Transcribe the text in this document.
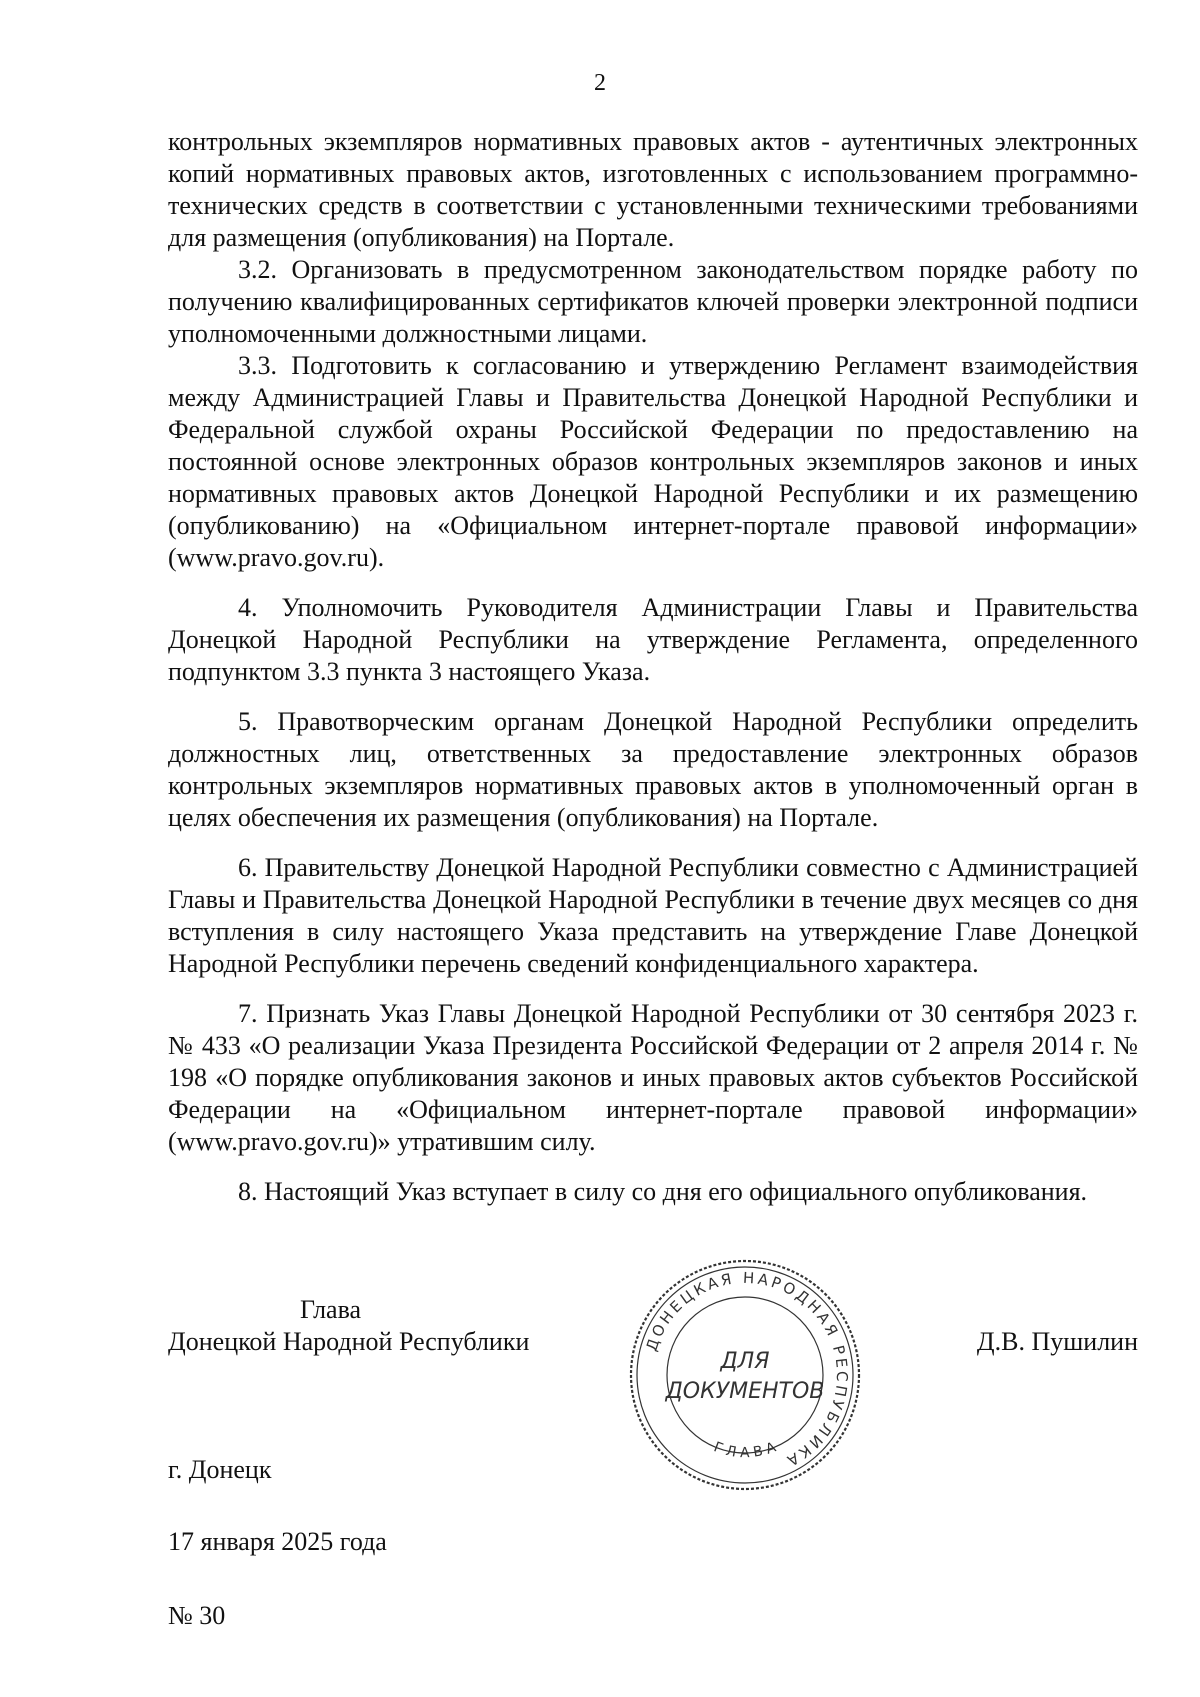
2

контрольных экземпляров нормативных правовых актов - аутентичных электронных копий нормативных правовых актов, изготовленных с использованием программно-технических средств в соответствии с установленными техническими требованиями для размещения (опубликования) на Портале.

3.2. Организовать в предусмотренном законодательством порядке работу по получению квалифицированных сертификатов ключей проверки электронной подписи уполномоченными должностными лицами.

3.3. Подготовить к согласованию и утверждению Регламент взаимодействия между Администрацией Главы и Правительства Донецкой Народной Республики и Федеральной службой охраны Российской Федерации по предоставлению на постоянной основе электронных образов контрольных экземпляров законов и иных нормативных правовых актов Донецкой Народной Республики и их размещению (опубликованию) на «Официальном интернет-портале правовой информации» (www.pravo.gov.ru).

4. Уполномочить Руководителя Администрации Главы и Правительства Донецкой Народной Республики на утверждение Регламента, определенного подпунктом 3.3 пункта 3 настоящего Указа.

5. Правотворческим органам Донецкой Народной Республики определить должностных лиц, ответственных за предоставление электронных образов контрольных экземпляров нормативных правовых актов в уполномоченный орган в целях обеспечения их размещения (опубликования) на Портале.

6. Правительству Донецкой Народной Республики совместно с Администрацией Главы и Правительства Донецкой Народной Республики в течение двух месяцев со дня вступления в силу настоящего Указа представить на утверждение Главе Донецкой Народной Республики перечень сведений конфиденциального характера.

7. Признать Указ Главы Донецкой Народной Республики от 30 сентября 2023 г. № 433 «О реализации Указа Президента Российской Федерации от 2 апреля 2014 г. № 198 «О порядке опубликования законов и иных правовых актов субъектов Российской Федерации на «Официальном интернет-портале правовой информации» (www.pravo.gov.ru)» утратившим силу.

8. Настоящий Указ вступает в силу со дня его официального опубликования.

Глава
Донецкой Народной Республики	Д.В. Пушилин
ДОНЕЦКАЯ НАРОДНАЯ РЕСПУБЛИКА
Г Л А В А
ДЛЯ
ДОКУМЕНТОВ
г. Донецк
17 января 2025 года
№ 30
